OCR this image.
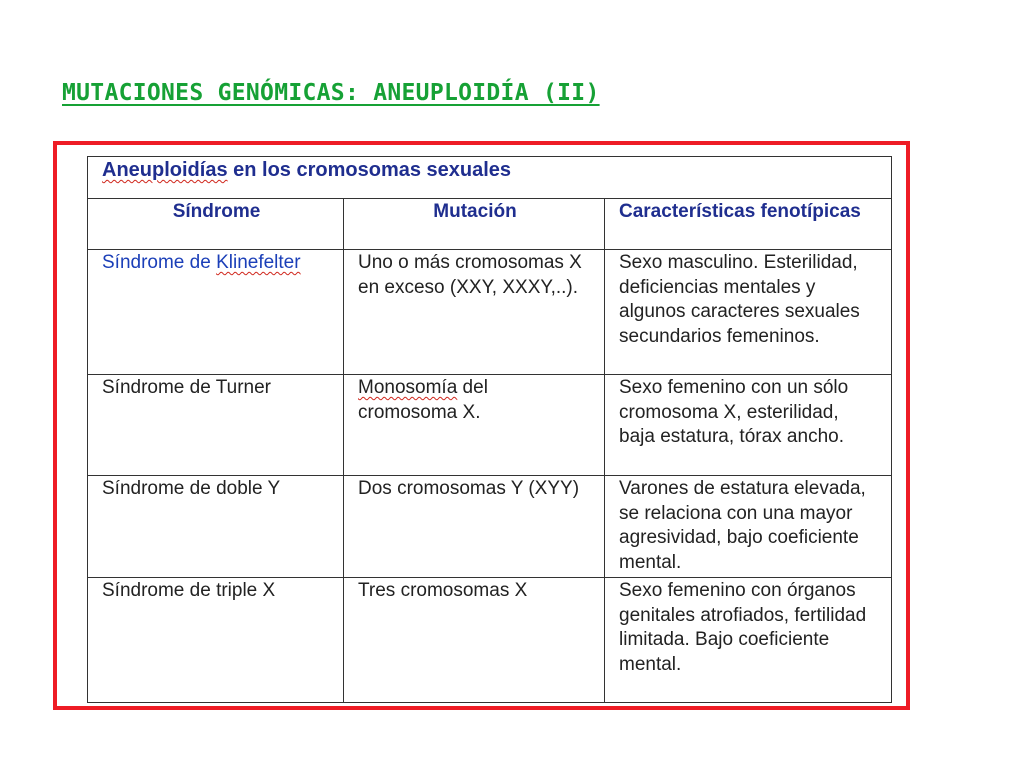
MUTACIONES GENÓMICAS: ANEUPLOIDÍA (II)
Aneuploidías en los cromosomas sexuales		
Síndrome	Mutación	Características fenotípicas
Síndrome de Klinefelter	Uno o más cromosomas X en exceso (XXY, XXXY,..).	Sexo masculino. Esterilidad, deficiencias mentales y algunos caracteres sexuales secundarios femeninos.
Síndrome de Turner	Monosomía del cromosoma X.	Sexo femenino con un sólo cromosoma X, esterilidad, baja estatura, tórax ancho.
Síndrome de doble Y	Dos cromosomas Y (XYY)	Varones de estatura elevada, se relaciona con una mayor agresividad, bajo coeficiente mental.
Síndrome de triple X	Tres cromosomas X	Sexo femenino con órganos genitales atrofiados, fertilidad limitada. Bajo coeficiente mental.
